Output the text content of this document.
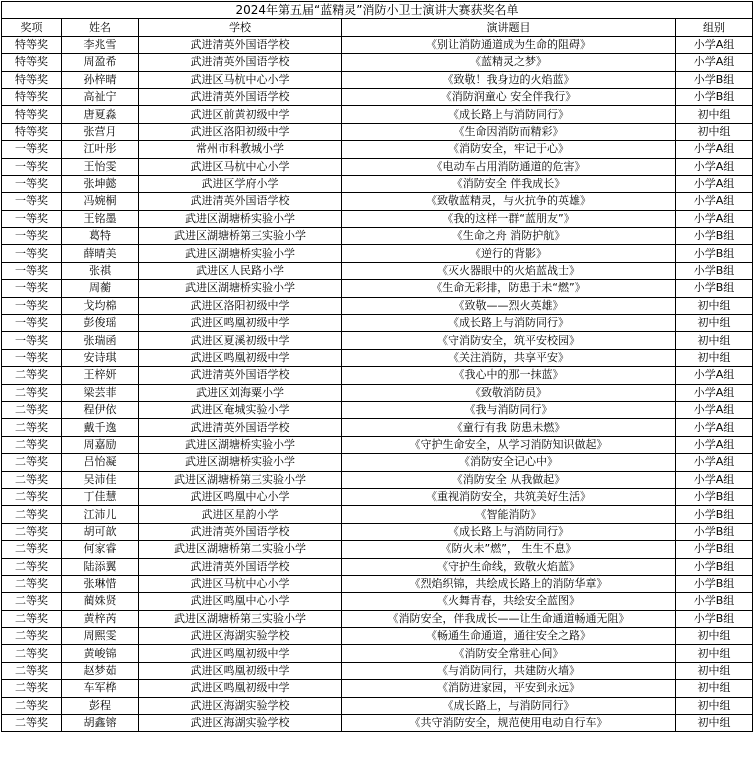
2024年第五届“蓝精灵”消防小卫士演讲大赛获奖名单				
奖项	姓名	学校	演讲题目	组别
特等奖	李兆雪	武进清英外国语学校	《别让消防通道成为生命的阻碍》	小学A组
特等奖	周盈希	武进清英外国语学校	《蓝精灵之梦》	小学A组
特等奖	孙梓晴	武进区马杭中心小学	《致敬！我身边的火焰蓝》	小学B组
特等奖	高祉宁	武进清英外国语学校	《消防润童心 安全伴我行》	小学B组
特等奖	唐夏淼	武进区前黄初级中学	《成长路上与消防同行》	初中组
特等奖	张营月	武进区洛阳初级中学	《生命因消防而精彩》	初中组
一等奖	江叶彤	常州市科教城小学	《消防安全，牢记于心》	小学A组
一等奖	王怡雯	武进区马杭中心小学	《电动车占用消防通道的危害》	小学A组
一等奖	张坤懿	武进区学府小学	《消防安全 伴我成长》	小学A组
一等奖	冯婉桐	武进清英外国语学校	《致敬蓝精灵，与火抗争的英雄》	小学A组
一等奖	王铭墨	武进区湖塘桥实验小学	《我的这样一群“蓝朋友”》	小学A组
一等奖	葛特	武进区湖塘桥第三实验小学	《生命之舟 消防护航》	小学B组
一等奖	薛晴美	武进区湖塘桥实验小学	《逆行的背影》	小学B组
一等奖	张祺	武进区人民路小学	《灭火器眼中的火焰蓝战士》	小学B组
一等奖	周蘅	武进区湖塘桥实验小学	《生命无彩排，防患于未“燃”》	小学B组
一等奖	戈均棉	武进区洛阳初级中学	《致敬——烈火英雄》	初中组
一等奖	彭俊瑶	武进区鸣凰初级中学	《成长路上与消防同行》	初中组
一等奖	张瑞函	武进区夏溪初级中学	《守消防安全，筑平安校园》	初中组
一等奖	安诗琪	武进区鸣凰初级中学	《关注消防，共享平安》	初中组
二等奖	王梓妍	武进清英外国语学校	《我心中的那一抹蓝》	小学A组
二等奖	梁芸菲	武进区刘海粟小学	《致敬消防员》	小学A组
二等奖	程伊依	武进区奄城实验小学	《我与消防同行》	小学A组
二等奖	戴千逸	武进清英外国语学校	《童行有我 防患未燃》	小学A组
二等奖	周嘉励	武进区湖塘桥实验小学	《守护生命安全，从学习消防知识做起》	小学A组
二等奖	吕怡凝	武进区湖塘桥实验小学	《消防安全记心中》	小学A组
二等奖	吴沛佳	武进区湖塘桥第三实验小学	《消防安全 从我做起》	小学A组
二等奖	丁佳慧	武进区鸣凰中心小学	《重视消防安全，共筑美好生活》	小学B组
二等奖	江沛儿	武进区星韵小学	《智能消防》	小学B组
二等奖	胡可歆	武进清英外国语学校	《成长路上与消防同行》	小学B组
二等奖	何家睿	武进区湖塘桥第二实验小学	《防火未”燃”， 生生不息》	小学B组
二等奖	陆添翼	武进清英外国语学校	《守护生命线，致敬火焰蓝》	小学B组
二等奖	张琳惜	武进区马杭中心小学	《烈焰织锦，共绘成长路上的消防华章》	小学B组
二等奖	蔺姝贤	武进区鸣凰中心小学	《火舞青春，共绘安全蓝图》	小学B组
二等奖	黄梓芮	武进区湖塘桥第三实验小学	《消防安全，伴我成长——让生命通道畅通无阻》	小学B组
二等奖	周熙雯	武进区海湖实验学校	《畅通生命通道，通往安全之路》	初中组
二等奖	黄峻锦	武进区鸣凰初级中学	《消防安全常驻心间》	初中组
二等奖	赵梦茹	武进区鸣凰初级中学	《与消防同行，共建防火墙》	初中组
二等奖	车军桦	武进区鸣凰初级中学	《消防进家园，平安到永远》	初中组
二等奖	彭程	武进区海湖实验学校	《成长路上，与消防同行》	初中组
二等奖	胡鑫镕	武进区海湖实验学校	《共守消防安全，规范使用电动自行车》	初中组
